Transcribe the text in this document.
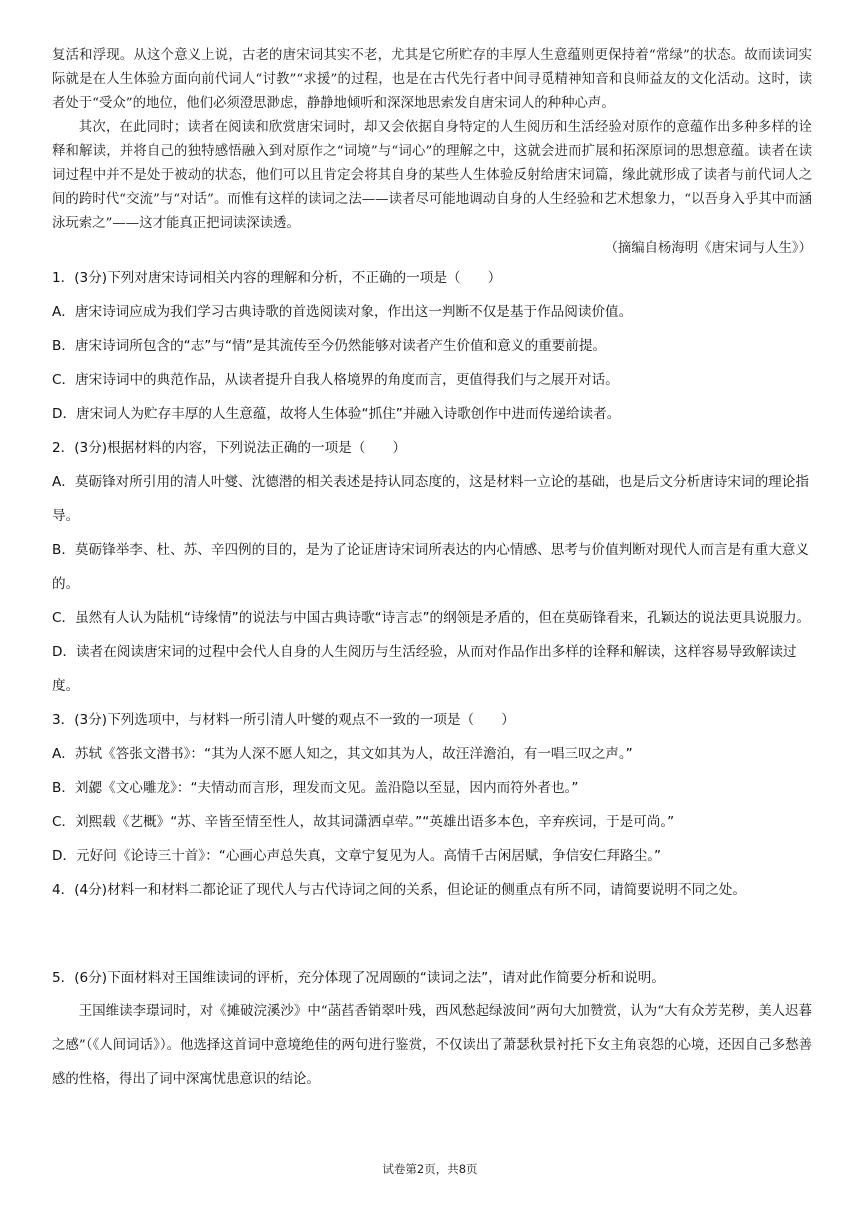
复活和浮现。从这个意义上说，古老的唐宋词其实不老，尤其是它所贮存的丰厚人生意蕴则更保持着“常绿”的状态。故而读词实际就是在人生体验方面向前代词人“讨教”“求援”的过程，也是在古代先行者中间寻觅精神知音和良师益友的文化活动。这时，读者处于“受众”的地位，他们必须澄思渺虑，静静地倾听和深深地思索发自唐宋词人的种种心声。

其次，在此同时；读者在阅读和欣赏唐宋词时，却又会依据自身特定的人生阅历和生活经验对原作的意蕴作出多种多样的诠释和解读，并将自己的独特感悟融入到对原作之“词境”与“词心”的理解之中，这就会进而扩展和拓深原词的思想意蕴。读者在读词过程中并不是处于被动的状态，他们可以且肯定会将其自身的某些人生体验反射给唐宋词篇，缘此就形成了读者与前代词人之间的跨时代“交流”与“对话”。而惟有这样的读词之法——读者尽可能地调动自身的人生经验和艺术想象力，“以吾身入乎其中而涵泳玩索之”——这才能真正把词读深读透。

（摘编自杨海明《唐宋词与人生》）

1．(3分)下列对唐宋诗词相关内容的理解和分析，不正确的一项是（　　）

A．唐宋诗词应成为我们学习古典诗歌的首选阅读对象，作出这一判断不仅是基于作品阅读价值。

B．唐宋诗词所包含的“志”与“情”是其流传至今仍然能够对读者产生价值和意义的重要前提。

C．唐宋诗词中的典范作品，从读者提升自我人格境界的角度而言，更值得我们与之展开对话。

D．唐宋词人为贮存丰厚的人生意蕴，故将人生体验“抓住”并融入诗歌创作中进而传递给读者。

2．(3分)根据材料的内容，下列说法正确的一项是（　　）

A．莫砺锋对所引用的清人叶燮、沈德潜的相关表述是持认同态度的，这是材料一立论的基础，也是后文分析唐诗宋词的理论指导。

B．莫砺锋举李、杜、苏、辛四例的目的，是为了论证唐诗宋词所表达的内心情感、思考与价值判断对现代人而言是有重大意义的。

C．虽然有人认为陆机“诗缘情”的说法与中国古典诗歌“诗言志”的纲领是矛盾的，但在莫砺锋看来，孔颖达的说法更具说服力。

D．读者在阅读唐宋词的过程中会代人自身的人生阅历与生活经验，从而对作品作出多样的诠释和解读，这样容易导致解读过度。

3．(3分)下列选项中，与材料一所引清人叶燮的观点不一致的一项是（　　）

A．苏轼《答张文潜书》：“其为人深不愿人知之，其文如其为人，故汪洋澹泊，有一唱三叹之声。”

B．刘勰《文心雕龙》：“夫情动而言形，理发而文见。盖沿隐以至显，因内而符外者也。”

C．刘熙载《艺概》“苏、辛皆至情至性人，故其词潇洒卓荦。”“英雄出语多本色，辛弃疾词，于是可尚。”

D．元好问《论诗三十首》：“心画心声总失真，文章宁复见为人。高情千古闲居赋，争信安仁拜路尘。”

4．(4分)材料一和材料二都论证了现代人与古代诗词之间的关系，但论证的侧重点有所不同，请简要说明不同之处。

5．(6分)下面材料对王国维读词的评析，充分体现了况周颐的“读词之法”，请对此作简要分析和说明。

王国维读李璟词时，对《摊破浣溪沙》中“菡萏香销翠叶残，西风愁起绿波间”两句大加赞赏，认为“大有众芳芜秽，美人迟暮之感”（《人间词话》）。他选择这首词中意境绝佳的两句进行鉴赏，不仅读出了萧瑟秋景衬托下女主角哀怨的心境，还因自己多愁善感的性格，得出了词中深寓忧患意识的结论。

试卷第2页，共8页
